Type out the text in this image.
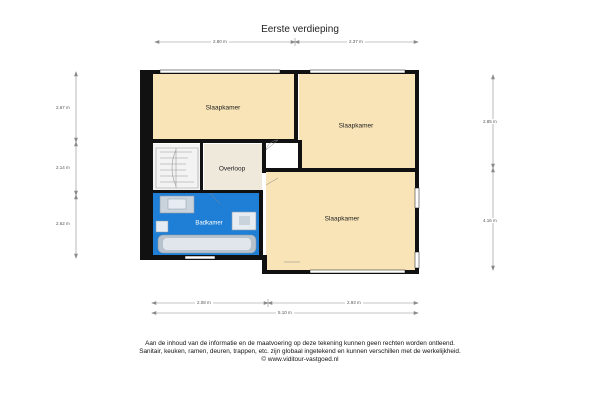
Eerste verdieping
Slaapkamer
Slaapkamer
Slaapkamer
Overloop
Badkamer
2.80 m	2.37 m
2.67 m
2.14 m
2.62 m
2.85 m
4.16 m
2.08 m	2.93 m
5.10 m
Aan de inhoud van de informatie en de maatvoering op deze tekening kunnen geen rechten worden ontleend.
Sanitair, keuken, ramen, deuren, trappen, etc. zijn globaal ingetekend en kunnen verschillen met de werkelijkheid.
© www.viditour-vastgoed.nl
